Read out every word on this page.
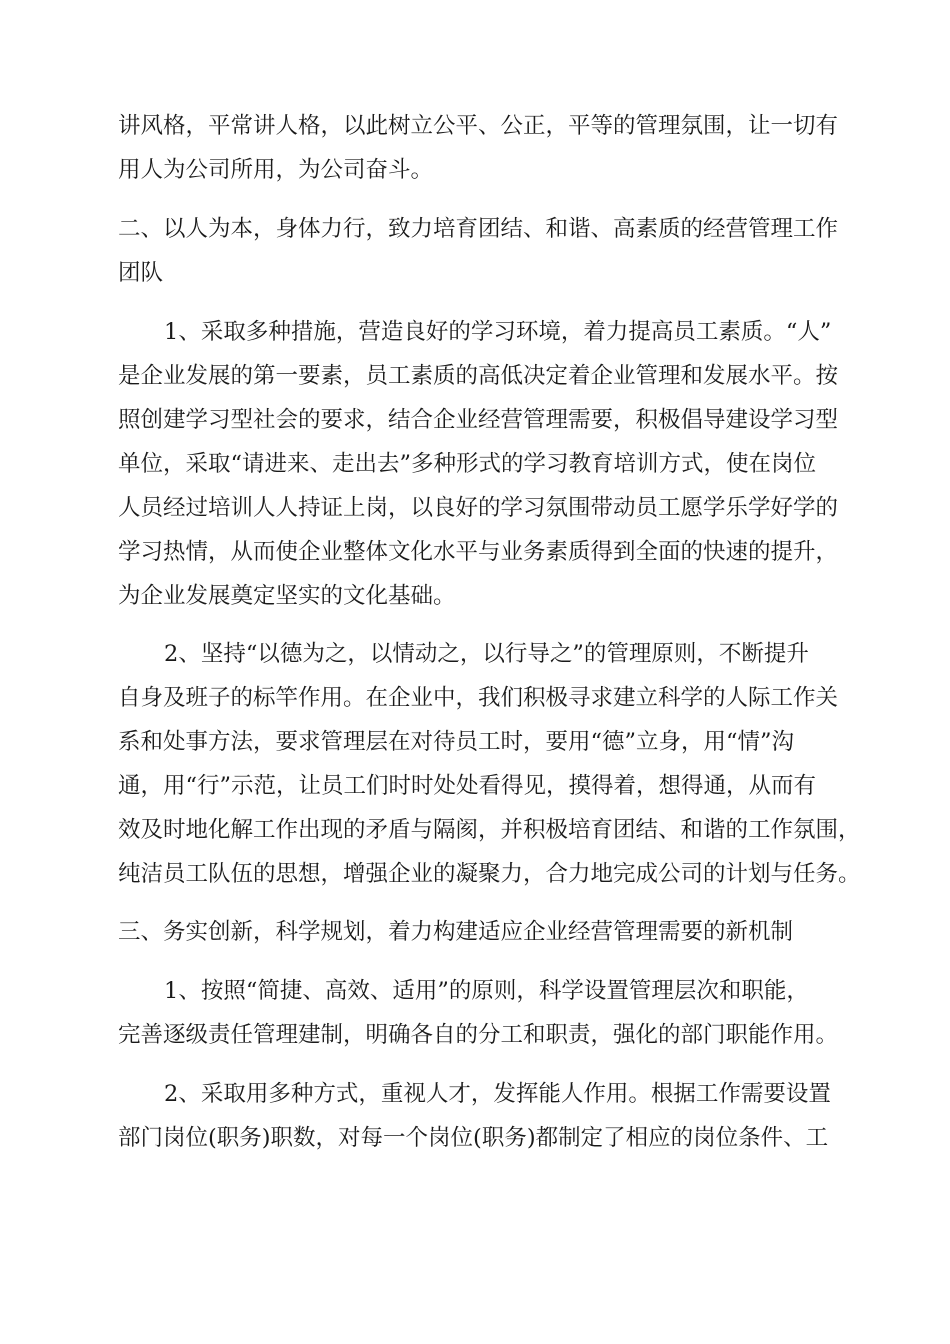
讲风格，平常讲人格，以此树立公平、公正，平等的管理氛围，让一切有

用人为公司所用，为公司奋斗。

二、以人为本，身体力行，致力培育团结、和谐、高素质的经营管理工作

团队

1、采取多种措施，营造良好的学习环境，着力提高员工素质。“人”

是企业发展的第一要素，员工素质的高低决定着企业管理和发展水平。按

照创建学习型社会的要求，结合企业经营管理需要，积极倡导建设学习型

单位，采取“请进来、走出去”多种形式的学习教育培训方式，使在岗位

人员经过培训人人持证上岗，以良好的学习氛围带动员工愿学乐学好学的

学习热情，从而使企业整体文化水平与业务素质得到全面的快速的提升，

为企业发展奠定坚实的文化基础。

2、坚持“以德为之，以情动之，以行导之”的管理原则，不断提升

自身及班子的标竿作用。在企业中，我们积极寻求建立科学的人际工作关

系和处事方法，要求管理层在对待员工时，要用“德”立身，用“情”沟

通，用“行”示范，让员工们时时处处看得见，摸得着，想得通，从而有

效及时地化解工作出现的矛盾与隔阂，并积极培育团结、和谐的工作氛围，

纯洁员工队伍的思想，增强企业的凝聚力，合力地完成公司的计划与任务。

三、务实创新，科学规划，着力构建适应企业经营管理需要的新机制

1、按照“简捷、高效、适用”的原则，科学设置管理层次和职能，

完善逐级责任管理建制，明确各自的分工和职责，强化的部门职能作用。

2、采取用多种方式，重视人才，发挥能人作用。根据工作需要设置

部门岗位(职务)职数，对每一个岗位(职务)都制定了相应的岗位条件、工
